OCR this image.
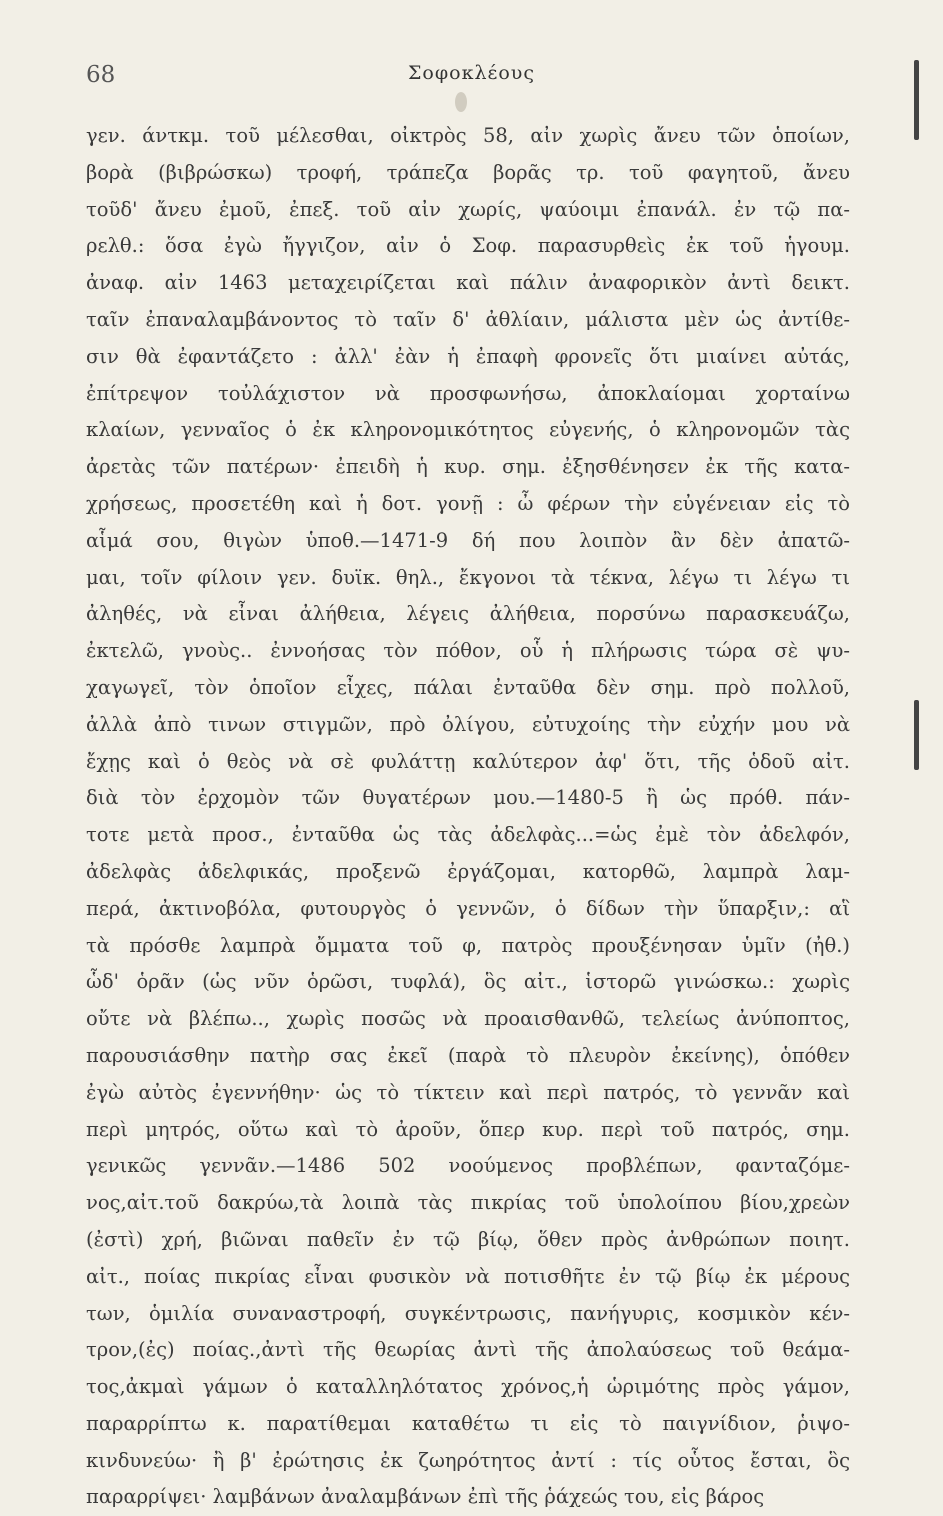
68	Σοφοκλέους
γεν. άντκμ. τοῦ μέλεσθαι, οἰκτρὸς 58, αἰν χωρὶς ἄνευ τῶν ὁποίων,
βορὰ (βιβρώσκω) τροφή, τράπεζα βορᾶς τρ. τοῦ φαγητοῦ, ἄνευ
τοῦδ' ἄνευ ἐμοῦ, ἐπεξ. τοῦ αἰν χωρίς, ψαύοιμι ἐπανάλ. ἐν τῷ πα-
ρελθ.: ὅσα ἐγὼ ἤγγιζον, αἰν ὁ Σοφ. παρασυρθεὶς ἐκ τοῦ ἡγουμ.
ἀναφ. αἰν 1463 μεταχειρίζεται καὶ πάλιν ἀναφορικὸν ἀντὶ δεικτ.
ταῖν ἐπαναλαμβάνοντος τὸ ταῖν δ' ἀθλίαιν, μάλιστα μὲν ὡς ἀντίθε-
σιν θὰ ἐφαντάζετο : ἀλλ' ἐὰν ἡ ἐπαφὴ φρονεῖς ὅτι μιαίνει αὐτάς,
ἐπίτρεψον τοὐλάχιστον νὰ προσφωνήσω, ἀποκλαίομαι χορταίνω
κλαίων, γενναῖος ὁ ἐκ κληρονομικότητος εὐγενής, ὁ κληρονομῶν τὰς
ἀρετὰς τῶν πατέρων· ἐπειδὴ ἡ κυρ. σημ. ἐξησθένησεν ἐκ τῆς κατα-
χρήσεως, προσετέθη καὶ ἡ δοτ. γονῇ : ὦ φέρων τὴν εὐγένειαν εἰς τὸ
αἷμά σου, θιγὼν ὑποθ.—1471-9 δή που λοιπὸν ἂν δὲν ἀπατῶ-
μαι, τοῖν φίλοιν γεν. δυϊκ. θηλ., ἔκγονοι τὰ τέκνα, λέγω τι λέγω τι
ἀληθές, νὰ εἶναι ἀλήθεια, λέγεις ἀλήθεια, πορσύνω παρασκευάζω,
ἐκτελῶ, γνοὺς.. ἐννοήσας τὸν πόθον, οὗ ἡ πλήρωσις τώρα σὲ ψυ-
χαγωγεῖ, τὸν ὁποῖον εἶχες, πάλαι ἐνταῦθα δὲν σημ. πρὸ πολλοῦ,
ἀλλὰ ἀπὸ τινων στιγμῶν, πρὸ ὀλίγου, εὐτυχοίης τὴν εὐχήν μου νὰ
ἔχῃς καὶ ὁ θεὸς νὰ σὲ φυλάττῃ καλύτερον ἀφ' ὅτι, τῆς ὁδοῦ αἰτ.
διὰ τὸν ἐρχομὸν τῶν θυγατέρων μου.—1480-5 ἢ ὡς πρόθ. πάν-
τοτε μετὰ προσ., ἐνταῦθα ὡς τὰς ἀδελφὰς...=ὡς ἐμὲ τὸν ἀδελφόν,
ἀδελφὰς ἀδελφικάς, προξενῶ ἐργάζομαι, κατορθῶ, λαμπρὰ λαμ-
περά, ἀκτινοβόλα, φυτουργὸς ὁ γεννῶν, ὁ δίδων τὴν ὕπαρξιν,: αἳ
τὰ πρόσθε λαμπρὰ ὄμματα τοῦ φ, πατρὸς προυξένησαν ὑμῖν (ἠθ.)
ὧδ' ὁρᾶν (ὡς νῦν ὁρῶσι, τυφλά), ὃς αἰτ., ἱστορῶ γινώσκω.: χωρὶς
οὔτε νὰ βλέπω.., χωρὶς ποσῶς νὰ προαισθανθῶ, τελείως ἀνύποπτος,
παρουσιάσθην πατὴρ σας ἐκεῖ (παρὰ τὸ πλευρὸν ἐκείνης), ὁπόθεν
ἐγὼ αὐτὸς ἐγεννήθην· ὡς τὸ τίκτειν καὶ περὶ πατρός, τὸ γεννᾶν καὶ
περὶ μητρός, οὕτω καὶ τὸ ἀροῦν, ὅπερ κυρ. περὶ τοῦ πατρός, σημ.
γενικῶς γεννᾶν.—1486 502 νοούμενος προβλέπων, φανταζόμε-
νος,αἰτ.τοῦ δακρύω,τὰ λοιπὰ τὰς πικρίας τοῦ ὑπολοίπου βίου,χρεὼν
(ἐστὶ) χρή, βιῶναι παθεῖν ἐν τῷ βίῳ, ὅθεν πρὸς ἀνθρώπων ποιητ.
αἰτ., ποίας πικρίας εἶναι φυσικὸν νὰ ποτισθῆτε ἐν τῷ βίῳ ἐκ μέρους
των, ὁμιλία συναναστροφή, συγκέντρωσις, πανήγυρις, κοσμικὸν κέν-
τρον,(ἐς) ποίας.,ἀντὶ τῆς θεωρίας ἀντὶ τῆς ἀπολαύσεως τοῦ θεάμα-
τος,ἀκμαὶ γάμων ὁ καταλληλότατος χρόνος,ἡ ὡριμότης πρὸς γάμον,
παραρρίπτω κ. παρατίθεμαι καταθέτω τι εἰς τὸ παιγνίδιον, ῥιψο-
κινδυνεύω· ἢ β' ἐρώτησις ἐκ ζωηρότητος ἀντί : τίς οὗτος ἔσται, ὃς
παραρρίψει· λαμβάνων ἀναλαμβάνων ἐπὶ τῆς ῥάχεώς του, εἰς βάρος
